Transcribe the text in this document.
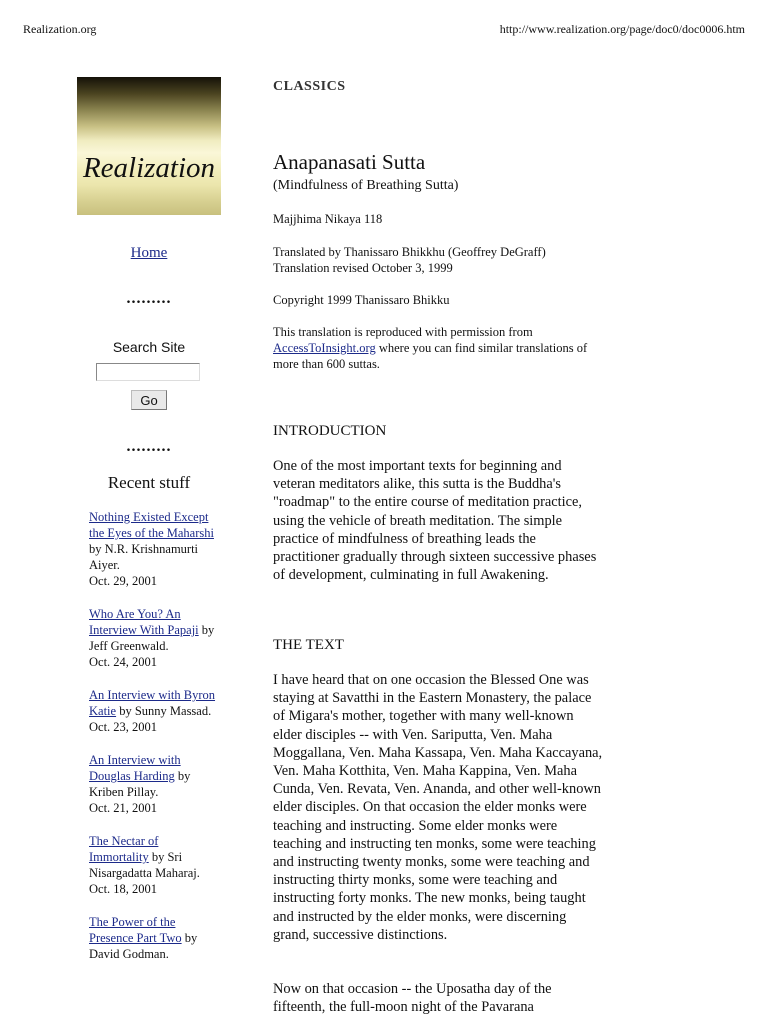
Realization.org	http://www.realization.org/page/doc0/doc0006.htm
Realization
Home
.........
Search Site
Go
.........
Recent stuff
Nothing Existed Except the Eyes of the Maharshi by N.R. Krishnamurti Aiyer.
Oct. 29, 2001
Who Are You? An Interview With Papaji by Jeff Greenwald.
Oct. 24, 2001
An Interview with Byron Katie by Sunny Massad.
Oct. 23, 2001
An Interview with Douglas Harding by Kriben Pillay.
Oct. 21, 2001
The Nectar of Immortality by Sri Nisargadatta Maharaj.
Oct. 18, 2001
The Power of the Presence Part Two by David Godman.
CLASSICS
Anapanasati Sutta
(Mindfulness of Breathing Sutta)
Majjhima Nikaya 118
Translated by Thanissaro Bhikkhu (Geoffrey DeGraff)
Translation revised October 3, 1999
Copyright 1999 Thanissaro Bhikku
This translation is reproduced with permission from AccessToInsight.org where you can find similar translations of more than 600 suttas.
INTRODUCTION
One of the most important texts for beginning and veteran meditators alike, this sutta is the Buddha's "roadmap" to the entire course of meditation practice, using the vehicle of breath meditation. The simple practice of mindfulness of breathing leads the practitioner gradually through sixteen successive phases of development, culminating in full Awakening.
THE TEXT
I have heard that on one occasion the Blessed One was staying at Savatthi in the Eastern Monastery, the palace of Migara's mother, together with many well-known elder disciples -- with Ven. Sariputta, Ven. Maha Moggallana, Ven. Maha Kassapa, Ven. Maha Kaccayana, Ven. Maha Kotthita, Ven. Maha Kappina, Ven. Maha Cunda, Ven. Revata, Ven. Ananda, and other well-known elder disciples. On that occasion the elder monks were teaching and instructing. Some elder monks were teaching and instructing ten monks, some were teaching and instructing twenty monks, some were teaching and instructing thirty monks, some were teaching and instructing forty monks. The new monks, being taught and instructed by the elder monks, were discerning grand, successive distinctions.
Now on that occasion -- the Uposatha day of the fifteenth, the full-moon night of the Pavarana
